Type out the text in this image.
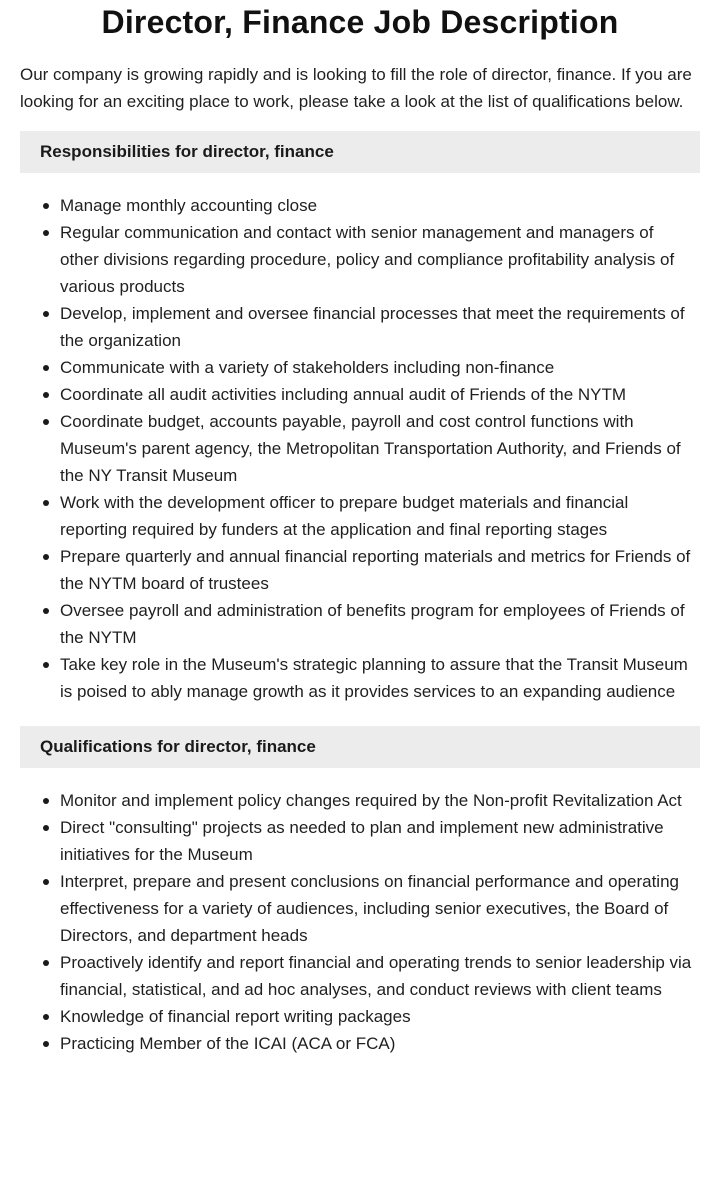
Director, Finance Job Description

Our company is growing rapidly and is looking to fill the role of director, finance. If you are looking for an exciting place to work, please take a look at the list of qualifications below.

Responsibilities for director, finance
Manage monthly accounting close
Regular communication and contact with senior management and managers of other divisions regarding procedure, policy and compliance profitability analysis of various products
Develop, implement and oversee financial processes that meet the requirements of the organization
Communicate with a variety of stakeholders including non-finance
Coordinate all audit activities including annual audit of Friends of the NYTM
Coordinate budget, accounts payable, payroll and cost control functions with Museum's parent agency, the Metropolitan Transportation Authority, and Friends of the NY Transit Museum
Work with the development officer to prepare budget materials and financial reporting required by funders at the application and final reporting stages
Prepare quarterly and annual financial reporting materials and metrics for Friends of the NYTM board of trustees
Oversee payroll and administration of benefits program for employees of Friends of the NYTM
Take key role in the Museum's strategic planning to assure that the Transit Museum is poised to ably manage growth as it provides services to an expanding audience
Qualifications for director, finance
Monitor and implement policy changes required by the Non-profit Revitalization Act
Direct "consulting" projects as needed to plan and implement new administrative initiatives for the Museum
Interpret, prepare and present conclusions on financial performance and operating effectiveness for a variety of audiences, including senior executives, the Board of Directors, and department heads
Proactively identify and report financial and operating trends to senior leadership via financial, statistical, and ad hoc analyses, and conduct reviews with client teams
Knowledge of financial report writing packages
Practicing Member of the ICAI (ACA or FCA)
